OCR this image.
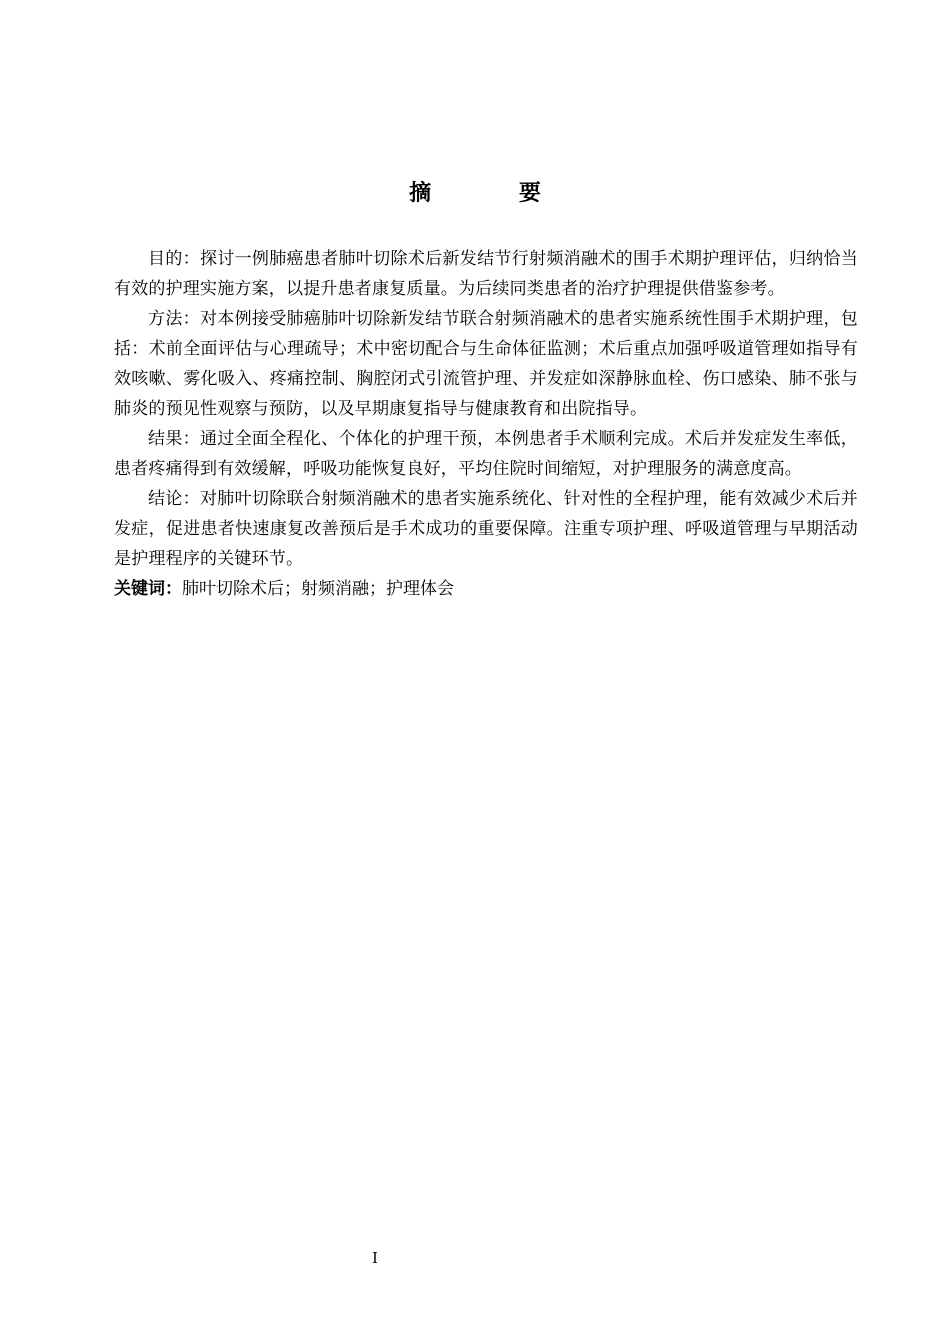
摘 要

目的：探讨一例肺癌患者肺叶切除术后新发结节行射频消融术的围手术期护理评估，归纳恰当有效的护理实施方案，以提升患者康复质量。为后续同类患者的治疗护理提供借鉴参考。

方法：对本例接受肺癌肺叶切除新发结节联合射频消融术的患者实施系统性围手术期护理，包括：术前全面评估与心理疏导；术中密切配合与生命体征监测；术后重点加强呼吸道管理如指导有效咳嗽、雾化吸入、疼痛控制、胸腔闭式引流管护理、并发症如深静脉血栓、伤口感染、肺不张与肺炎的预见性观察与预防，以及早期康复指导与健康教育和出院指导。

结果：通过全面全程化、个体化的护理干预，本例患者手术顺利完成。术后并发症发生率低，患者疼痛得到有效缓解，呼吸功能恢复良好，平均住院时间缩短，对护理服务的满意度高。

结论：对肺叶切除联合射频消融术的患者实施系统化、针对性的全程护理，能有效减少术后并发症，促进患者快速康复改善预后是手术成功的重要保障。注重专项护理、呼吸道管理与早期活动是护理程序的关键环节。

关键词：肺叶切除术后；射频消融；护理体会

I
